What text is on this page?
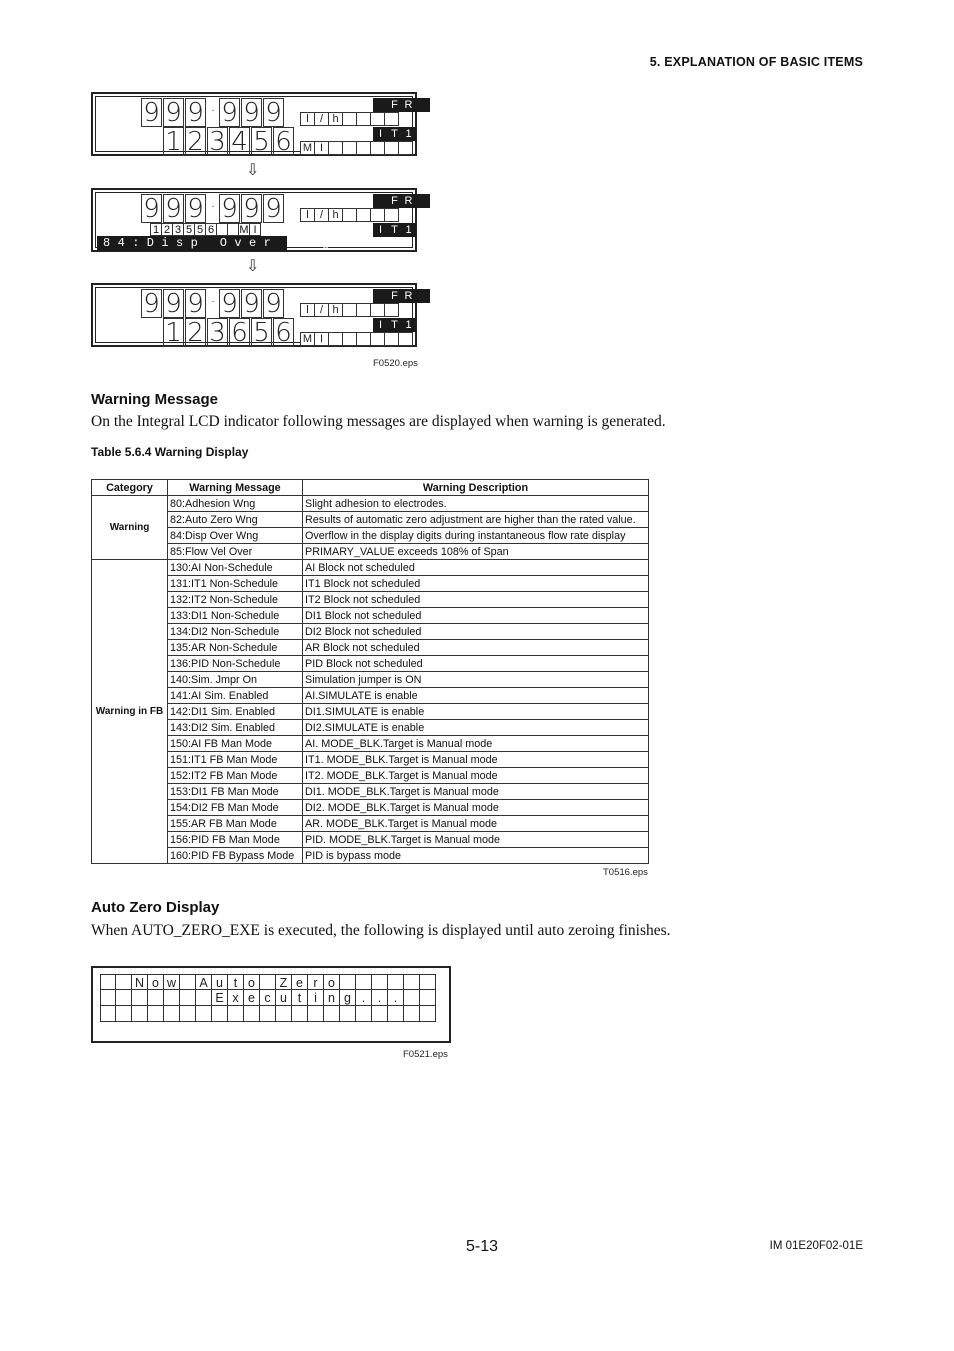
5. EXPLANATION OF BASIC ITEMS
9 9 9 . 9 9 9	F R
l	/ h
I T 1
1 2 3 4 5 6 M I
⇩
9 9 9 . 9 9 9	F R
l	/ h
I T 1
1 2 3 5 5 6 M I
84:Disp Over Wng
⇩
9 9 9 . 9 9 9	F R
l	/ h
I T 1
1 2 3 6 5 6 M I
F0520.eps
Warning Message
On the Integral LCD indicator following messages are displayed when warning is generated.
Table 5.6.4 Warning Display
Category	Warning Message	Warning Description
Warning	80:Adhesion Wng	Slight adhesion to electrodes.
	82:Auto Zero Wng	Results of automatic zero adjustment are higher than the rated value.
	84:Disp Over Wng	Overflow in the display digits during instantaneous flow rate display
	85:Flow Vel Over	PRIMARY_VALUE exceeds 108% of Span
Warning in FB	130:AI Non-Schedule	AI Block not scheduled
	131:IT1 Non-Schedule	IT1 Block not scheduled
	132:IT2 Non-Schedule	IT2 Block not scheduled
	133:DI1 Non-Schedule	DI1 Block not scheduled
	134:DI2 Non-Schedule	DI2 Block not scheduled
	135:AR Non-Schedule	AR Block not scheduled
	136:PID Non-Schedule	PID Block not scheduled
	140:Sim. Jmpr On	Simulation jumper is ON
	141:AI Sim. Enabled	AI.SIMULATE is enable
	142:DI1 Sim. Enabled	DI1.SIMULATE is enable
	143:DI2 Sim. Enabled	DI2.SIMULATE is enable
	150:AI FB Man Mode	AI. MODE_BLK.Target is Manual mode
	151:IT1 FB Man Mode	IT1. MODE_BLK.Target is Manual mode
	152:IT2 FB Man Mode	IT2. MODE_BLK.Target is Manual mode
	153:DI1 FB Man Mode	DI1. MODE_BLK.Target is Manual mode
	154:DI2 FB Man Mode	DI2. MODE_BLK.Target is Manual mode
	155:AR FB Man Mode	AR. MODE_BLK.Target is Manual mode
	156:PID FB Man Mode	PID. MODE_BLK.Target is Manual mode
	160:PID FB Bypass Mode	PID is bypass mode
T0516.eps
Auto Zero Display
When AUTO_ZERO_EXE is executed, the following is displayed until auto zeroing finishes.
N o w	A u t o	Z e r o
E x e c u t	i n g .	.	.
F0521.eps
5-13	IM 01E20F02-01E
